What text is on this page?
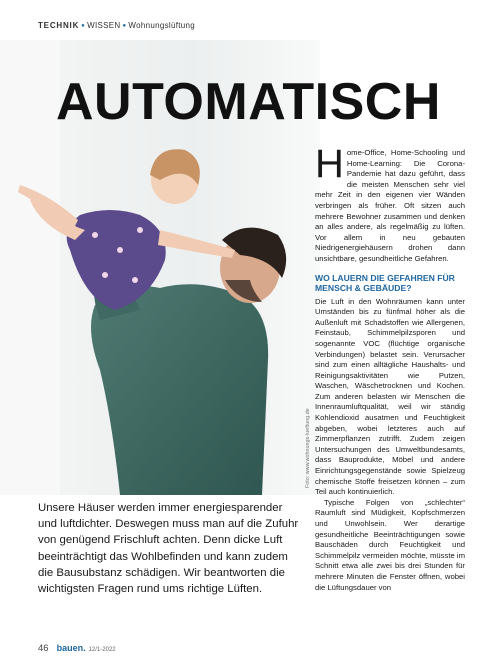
TECHNIK ● WISSEN ● Wohnungslüftung
AUTOMATISCH
Foto: www.wohnungs-lueftung.de
Unsere Häuser werden immer energiesparender und luftdichter. Deswegen muss man auf die Zufuhr von genügend Frischluft achten. Denn dicke Luft beeinträchtigt das Wohlbefinden und kann zudem die Bausubstanz schädigen. Wir beantworten die wichtigsten Fragen rund ums richtige Lüften.

Home-Office, Home-Schooling und Home-Learning: Die Corona-Pandemie hat dazu geführt, dass die meisten Menschen sehr viel mehr Zeit in den eigenen vier Wänden verbringen als früher. Oft sitzen auch mehrere Bewohner zusammen und denken an alles andere, als regelmäßig zu lüften. Vor allem in neu gebauten Niedrigenergiehäusern drohen dann unsichtbare, gesundheitliche Gefahren.

WO LAUERN DIE GEFAHREN FÜR MENSCH & GEBÄUDE?

Die Luft in den Wohnräumen kann unter Umständen bis zu fünfmal höher als die Außenluft mit Schadstoffen wie Allergenen, Feinstaub, Schimmelpilzsporen und sogenannte VOC (flüchtige organische Verbindungen) belastet sein. Verursacher sind zum einen alltägliche Haushalts- und Reinigungsaktivitäten wie Putzen, Waschen, Wäschetrocknen und Kochen. Zum anderen belasten wir Menschen die Innenraumluftqualität, weil wir ständig Kohlendioxid ausatmen und Feuchtigkeit abgeben, wobei letzteres auch auf Zimmerpflanzen zutrifft. Zudem zeigen Untersuchungen des Umweltbundesamts, dass Bauprodukte, Möbel und andere Einrichtungsgegenstände sowie Spielzeug chemische Stoffe freisetzen können – zum Teil auch kontinuierlich.

Typische Folgen von „schlechter“ Raumluft sind Müdigkeit, Kopfschmerzen und Unwohlsein. Wer derartige gesundheitliche Beeinträchtigungen sowie Bauschäden durch Feuchtigkeit und Schimmelpilz vermeiden möchte, müsste im Schnitt etwa alle zwei bis drei Stunden für mehrere Minuten die Fenster öffnen, wobei die Lüftungsdauer von

46 bauen. 12/1-2022
